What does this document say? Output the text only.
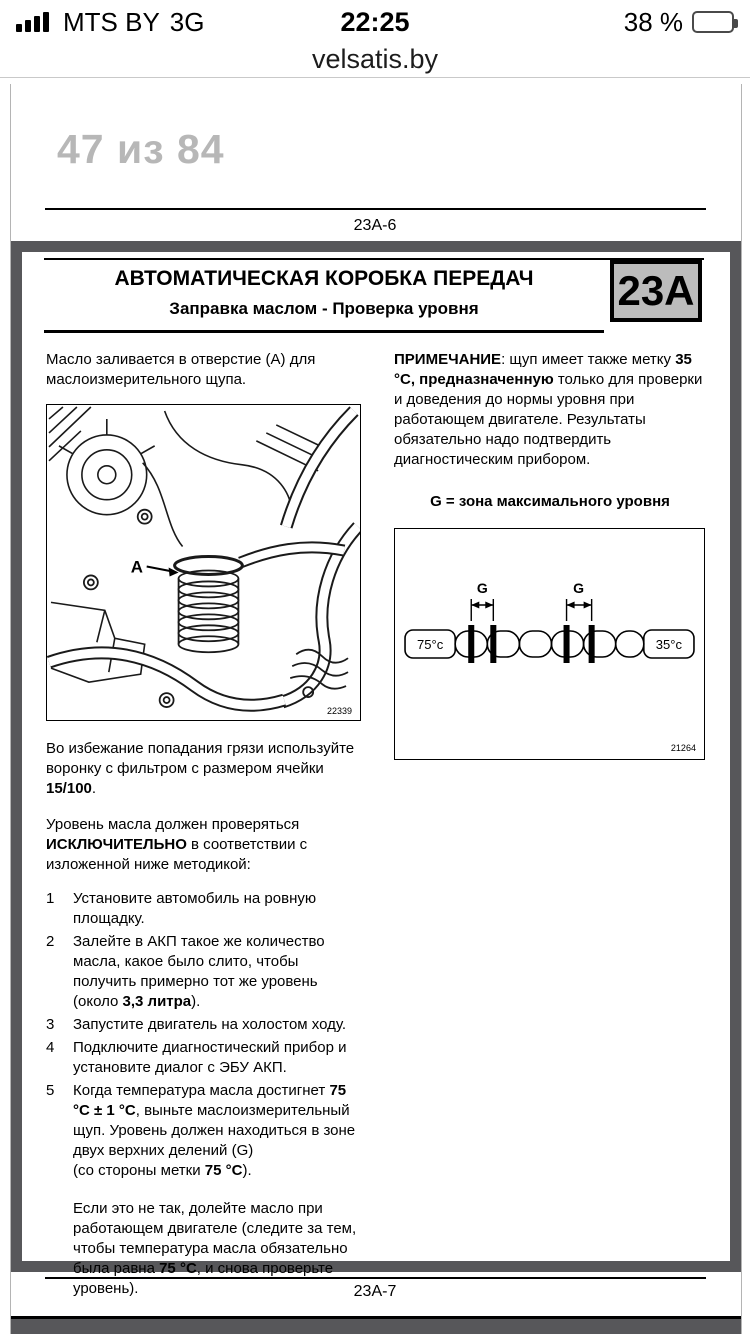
MTS BY 3G	22:25	38 %
velsatis.by
47 из 84
23A-6
АВТОМАТИЧЕСКАЯ КОРОБКА ПЕРЕДАЧ
Заправка маслом - Проверка уровня	23A

Масло заливается в отверстие (А) для маслоизмерительного щупа.

A
22339

Во избежание попадания грязи используйте воронку с фильтром с размером ячейки 15/100.

Уровень масла должен проверяться ИСКЛЮЧИТЕЛЬНО в соответствии с изложенной ниже методикой:

1	Установите автомобиль на ровную площадку.
2	Залейте в АКП такое же количество масла, какое было слито, чтобы получить примерно тот же уровень (около 3,3 литра).
3	Запустите двигатель на холостом ходу.
4	Подключите диагностический прибор и установите диалог с ЭБУ АКП.
5	Когда температура масла достигнет 75 °С ± 1 °С, выньте маслоизмерительный щуп. Уровень должен находиться в зоне двух верхних делений (G)
(со стороны метки 75 °С).

Если это не так, долейте масло при работающем двигателе (следите за тем, чтобы температура масла обязательно была равна 75 °С, и снова проверьте уровень).

ПРИМЕЧАНИЕ: щуп имеет также метку 35 °С, предназначенную только для проверки и доведения до нормы уровня при работающем двигателе. Результаты обязательно надо подтвердить диагностическим прибором.

G = зона максимального уровня

G	G
75°с	35°с
21264
23A-7
